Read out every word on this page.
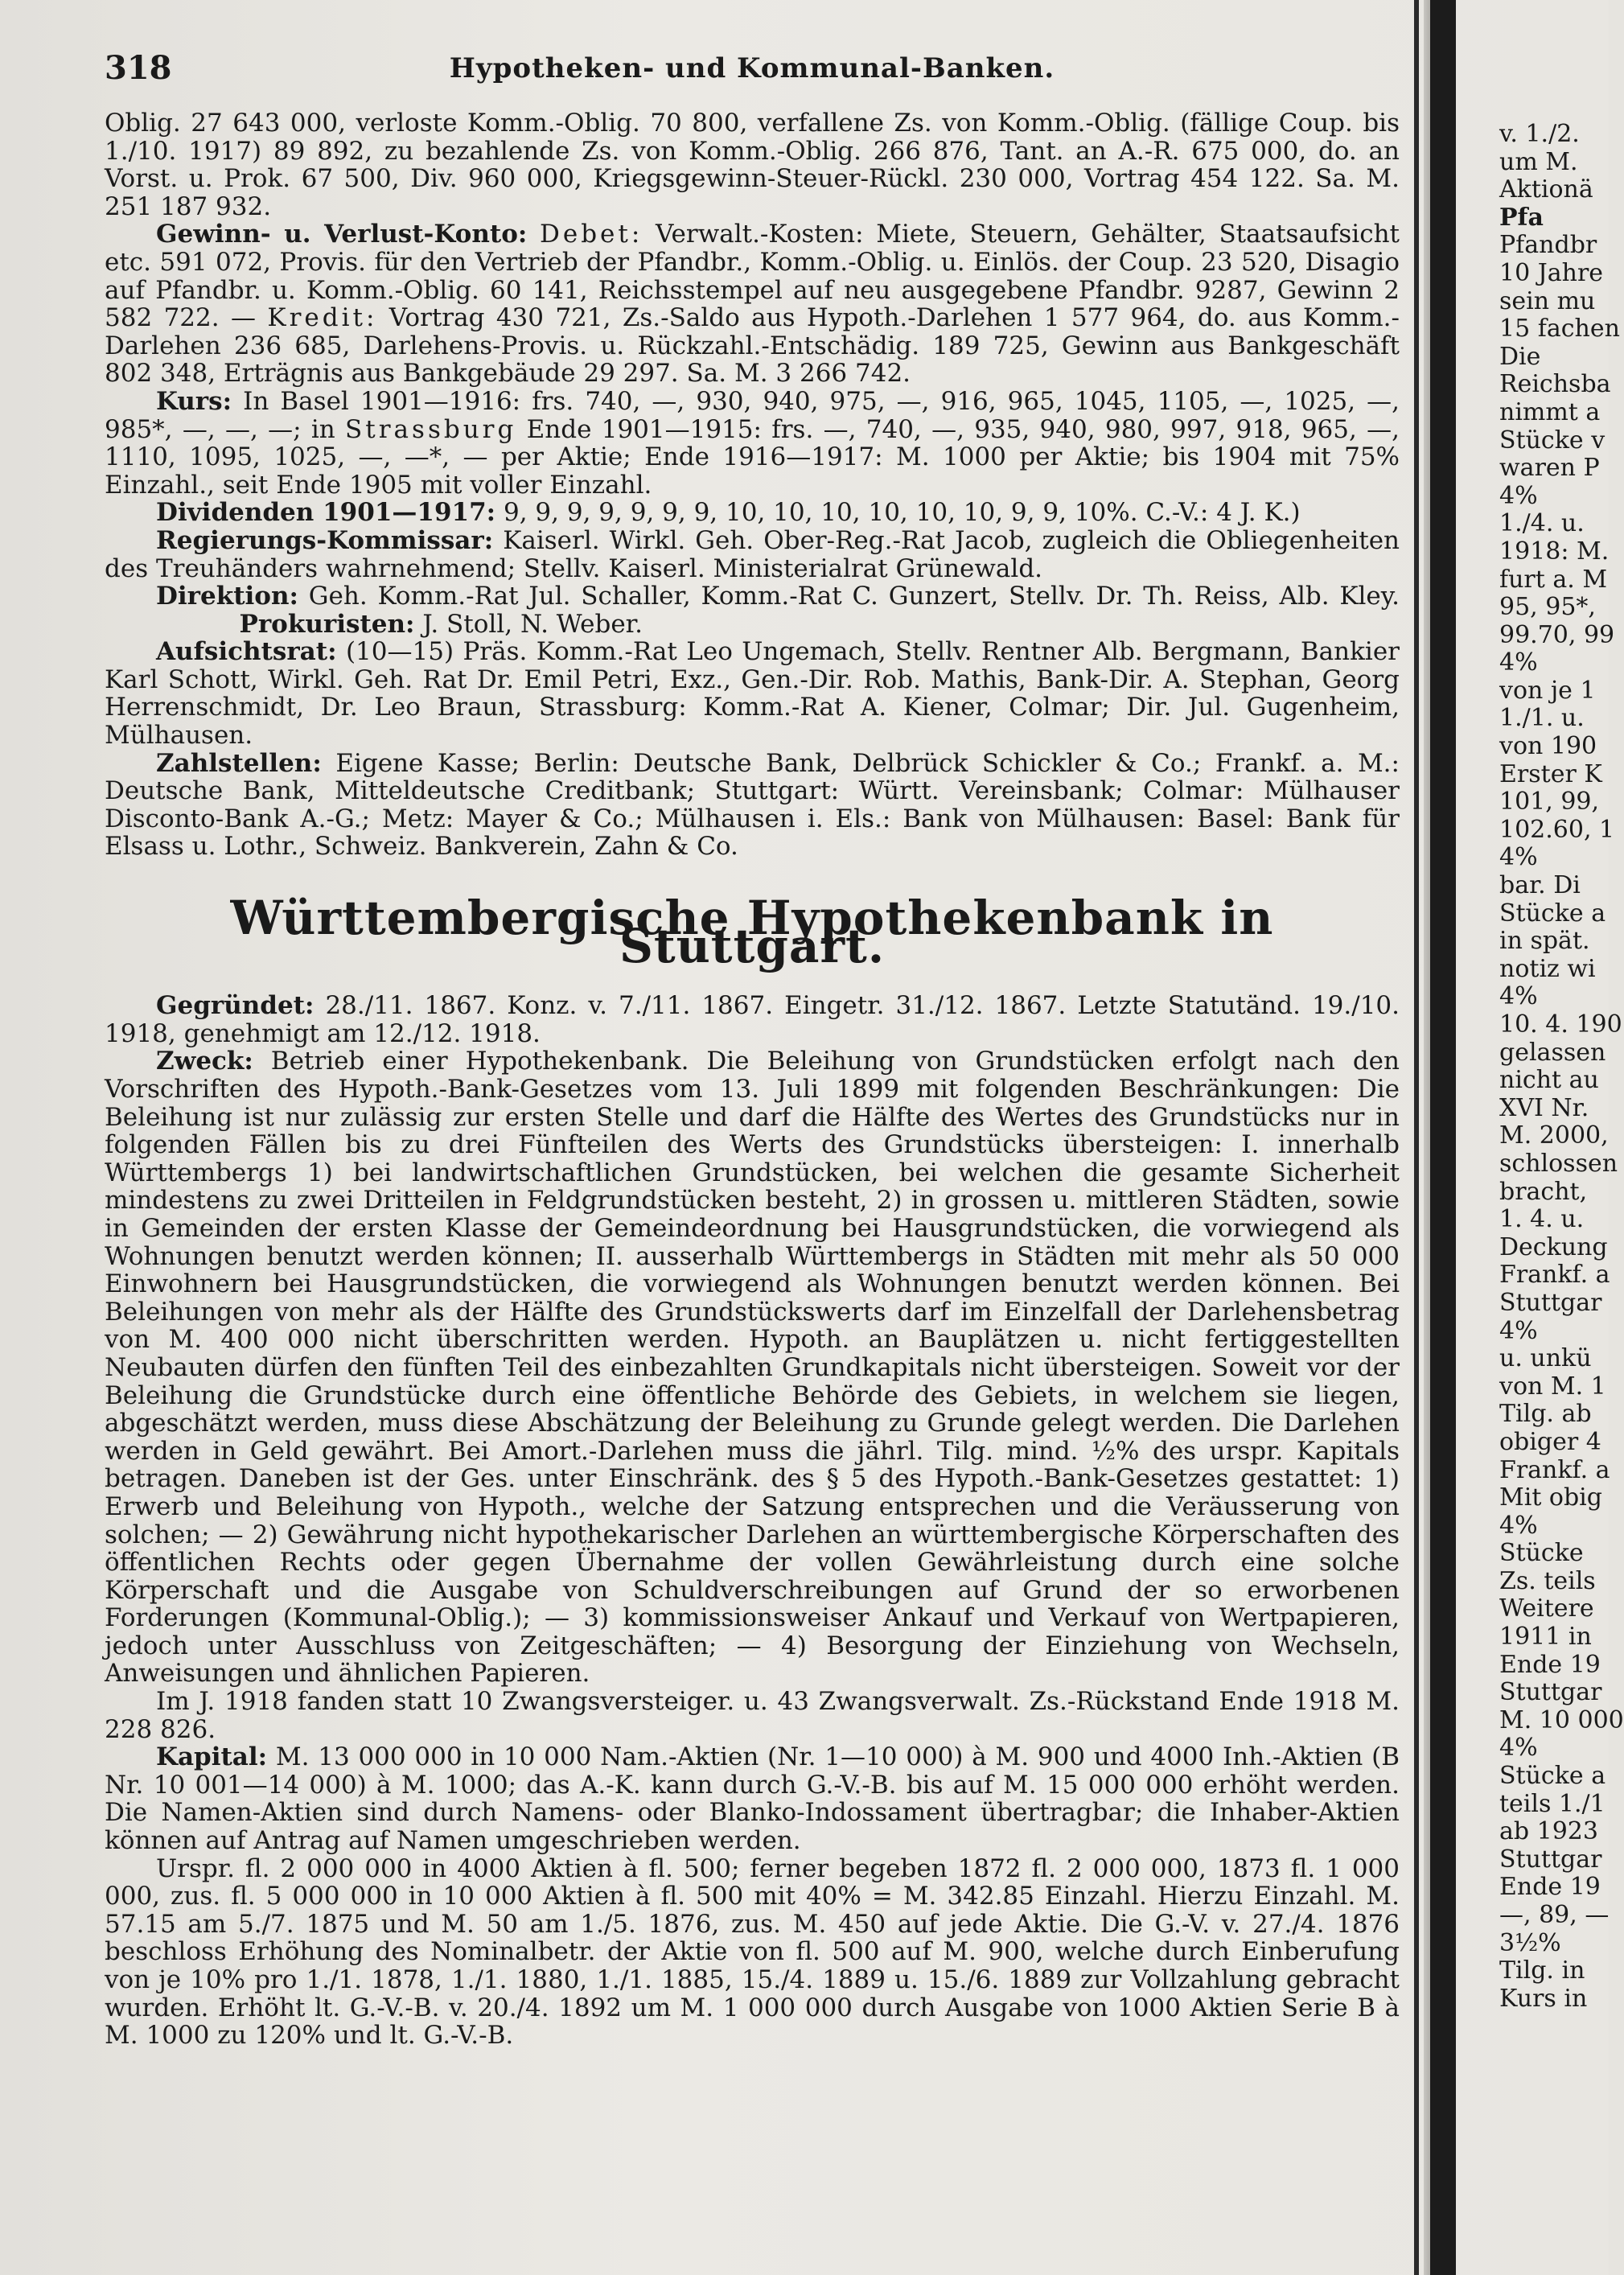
318	Hypotheken- und Kommunal-Banken.

Oblig. 27 643 000, verloste Komm.-Oblig. 70 800, verfallene Zs. von Komm.-Oblig. (fällige Coup. bis 1./10. 1917) 89 892, zu bezahlende Zs. von Komm.-Oblig. 266 876, Tant. an A.-R. 675 000, do. an Vorst. u. Prok. 67 500, Div. 960 000, Kriegsgewinn-Steuer-Rückl. 230 000, Vortrag 454 122. Sa. M. 251 187 932.

Gewinn- u. Verlust-Konto: Debet: Verwalt.-Kosten: Miete, Steuern, Gehälter, Staatsaufsicht etc. 591 072, Provis. für den Vertrieb der Pfandbr., Komm.-Oblig. u. Einlös. der Coup. 23 520, Disagio auf Pfandbr. u. Komm.-Oblig. 60 141, Reichsstempel auf neu ausgegebene Pfandbr. 9287, Gewinn 2 582 722. — Kredit: Vortrag 430 721, Zs.-Saldo aus Hypoth.-Darlehen 1 577 964, do. aus Komm.-Darlehen 236 685, Darlehens-Provis. u. Rückzahl.-Entschädig. 189 725, Gewinn aus Bankgeschäft 802 348, Erträgnis aus Bankgebäude 29 297. Sa. M. 3 266 742.

Kurs: In Basel 1901—1916: frs. 740, —, 930, 940, 975, —, 916, 965, 1045, 1105, —, 1025, —, 985*, —, —, —; in Strassburg Ende 1901—1915: frs. —, 740, —, 935, 940, 980, 997, 918, 965, —, 1110, 1095, 1025, —, —*, — per Aktie; Ende 1916—1917: M. 1000 per Aktie; bis 1904 mit 75% Einzahl., seit Ende 1905 mit voller Einzahl.

Dividenden 1901—1917: 9, 9, 9, 9, 9, 9, 9, 10, 10, 10, 10, 10, 10, 9, 9, 10%. C.-V.: 4 J. K.)

Regierungs-Kommissar: Kaiserl. Wirkl. Geh. Ober-Reg.-Rat Jacob, zugleich die Obliegenheiten des Treuhänders wahrnehmend; Stellv. Kaiserl. Ministerialrat Grünewald.

Direktion: Geh. Komm.-Rat Jul. Schaller, Komm.-Rat C. Gunzert, Stellv. Dr. Th. Reiss, Alb. Kley.                  Prokuristen: J. Stoll, N. Weber.

Aufsichtsrat: (10—15) Präs. Komm.-Rat Leo Ungemach, Stellv. Rentner Alb. Bergmann, Bankier Karl Schott, Wirkl. Geh. Rat Dr. Emil Petri, Exz., Gen.-Dir. Rob. Mathis, Bank-Dir. A. Stephan, Georg Herrenschmidt, Dr. Leo Braun, Strassburg: Komm.-Rat A. Kiener, Colmar; Dir. Jul. Gugenheim, Mülhausen.

Zahlstellen: Eigene Kasse; Berlin: Deutsche Bank, Delbrück Schickler & Co.; Frankf. a. M.: Deutsche Bank, Mitteldeutsche Creditbank; Stuttgart: Württ. Vereinsbank; Colmar: Mülhauser Disconto-Bank A.-G.; Metz: Mayer & Co.; Mülhausen i. Els.: Bank von Mülhausen: Basel: Bank für Elsass u. Lothr., Schweiz. Bankverein, Zahn & Co.

Württembergische Hypothekenbank in Stuttgart.

Gegründet: 28./11. 1867. Konz. v. 7./11. 1867. Eingetr. 31./12. 1867. Letzte Statutänd. 19./10. 1918, genehmigt am 12./12. 1918.

Zweck: Betrieb einer Hypothekenbank. Die Beleihung von Grundstücken erfolgt nach den Vorschriften des Hypoth.-Bank-Gesetzes vom 13. Juli 1899 mit folgenden Beschränkungen: Die Beleihung ist nur zulässig zur ersten Stelle und darf die Hälfte des Wertes des Grundstücks nur in folgenden Fällen bis zu drei Fünfteilen des Werts des Grundstücks übersteigen: I. innerhalb Württembergs 1) bei landwirtschaftlichen Grundstücken, bei welchen die gesamte Sicherheit mindestens zu zwei Dritteilen in Feldgrundstücken besteht, 2) in grossen u. mittleren Städten, sowie in Gemeinden der ersten Klasse der Gemeindeordnung bei Hausgrundstücken, die vorwiegend als Wohnungen benutzt werden können; II. ausserhalb Württembergs in Städten mit mehr als 50 000 Einwohnern bei Hausgrundstücken, die vorwiegend als Wohnungen benutzt werden können. Bei Beleihungen von mehr als der Hälfte des Grundstückswerts darf im Einzelfall der Darlehensbetrag von M. 400 000 nicht überschritten werden. Hypoth. an Bauplätzen u. nicht fertiggestellten Neubauten dürfen den fünften Teil des einbezahlten Grundkapitals nicht übersteigen. Soweit vor der Beleihung die Grundstücke durch eine öffentliche Behörde des Gebiets, in welchem sie liegen, abgeschätzt werden, muss diese Abschätzung der Beleihung zu Grunde gelegt werden. Die Darlehen werden in Geld gewährt. Bei Amort.-Darlehen muss die jährl. Tilg. mind. ½% des urspr. Kapitals betragen. Daneben ist der Ges. unter Einschränk. des § 5 des Hypoth.-Bank-Gesetzes gestattet: 1) Erwerb und Beleihung von Hypoth., welche der Satzung entsprechen und die Veräusserung von solchen; — 2) Gewährung nicht hypothekarischer Darlehen an württembergische Körperschaften des öffentlichen Rechts oder gegen Übernahme der vollen Gewährleistung durch eine solche Körperschaft und die Ausgabe von Schuldverschreibungen auf Grund der so erworbenen Forderungen (Kommunal-Oblig.); — 3) kommissionsweiser Ankauf und Verkauf von Wertpapieren, jedoch unter Ausschluss von Zeitgeschäften; — 4) Besorgung der Einziehung von Wechseln, Anweisungen und ähnlichen Papieren.

Im J. 1918 fanden statt 10 Zwangsversteiger. u. 43 Zwangsverwalt. Zs.-Rückstand Ende 1918 M. 228 826.

Kapital: M. 13 000 000 in 10 000 Nam.-Aktien (Nr. 1—10 000) à M. 900 und 4000 Inh.-Aktien (B Nr. 10 001—14 000) à M. 1000; das A.-K. kann durch G.-V.-B. bis auf M. 15 000 000 erhöht werden. Die Namen-Aktien sind durch Namens- oder Blanko-Indossament übertragbar; die Inhaber-Aktien können auf Antrag auf Namen umgeschrieben werden.

Urspr. fl. 2 000 000 in 4000 Aktien à fl. 500; ferner begeben 1872 fl. 2 000 000, 1873 fl. 1 000 000, zus. fl. 5 000 000 in 10 000 Aktien à fl. 500 mit 40% = M. 342.85 Einzahl. Hierzu Einzahl. M. 57.15 am 5./7. 1875 und M. 50 am 1./5. 1876, zus. M. 450 auf jede Aktie. Die G.-V. v. 27./4. 1876 beschloss Erhöhung des Nominalbetr. der Aktie von fl. 500 auf M. 900, welche durch Einberufung von je 10% pro 1./1. 1878, 1./1. 1880, 1./1. 1885, 15./4. 1889 u. 15./6. 1889 zur Vollzahlung gebracht wurden. Erhöht lt. G.-V.-B. v. 20./4. 1892 um M. 1 000 000 durch Ausgabe von 1000 Aktien Serie B à M. 1000 zu 120% und lt. G.-V.-B.

v. 1./2.
um M.
Aktionä
Pfa
Pfandbr
10 Jahre
sein mu
15 fachen
Die
Reichsba
nimmt a
Stücke v
waren P
4%
1./4. u.
1918: M.
furt a. M
95, 95*,
99.70, 99
4%
von je 1
1./1. u.
von 190
Erster K
101, 99,
102.60, 1
4%
bar. Di
Stücke a
in spät.
notiz wi
4%
10. 4. 190
gelassen
nicht au
XVI Nr.
M. 2000,
schlossen
bracht,
1. 4. u.
Deckung
Frankf. a
Stuttgar
4%
u. unkü
von M. 1
Tilg. ab
obiger 4
Frankf. a
Mit obig
4%
Stücke
Zs. teils
Weitere
1911 in
Ende 19
Stuttgar
M. 10 000
4%
Stücke a
teils 1./1
ab 1923
Stuttgar
Ende 19
—, 89, —
3½%
Tilg. in
Kurs in
